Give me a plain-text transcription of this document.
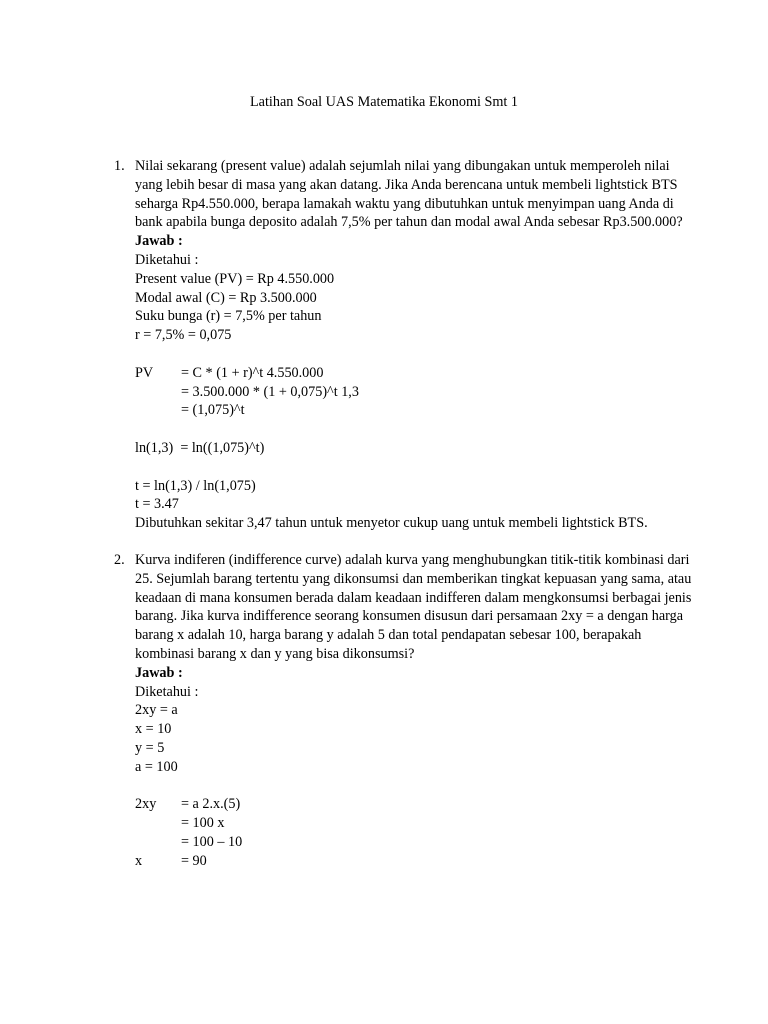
Latihan Soal UAS Matematika Ekonomi Smt 1
1. Nilai sekarang (present value) adalah sejumlah nilai yang dibungakan untuk memperoleh nilai
yang lebih besar di masa yang akan datang. Jika Anda berencana untuk membeli lightstick BTS
seharga Rp4.550.000, berapa lamakah waktu yang dibutuhkan untuk menyimpan uang Anda di
bank apabila bunga deposito adalah 7,5% per tahun dan modal awal Anda sebesar Rp3.500.000?
Jawab :
Diketahui :
Present value (PV) = Rp 4.550.000
Modal awal (C) = Rp 3.500.000
Suku bunga (r) = 7,5% per tahun
r = 7,5% = 0,075

PV

= C * (1 + r)^t 4.550.000

= 3.500.000 * (1 + 0,075)^t 1,3

= (1,075)^t

ln(1,3)  = ln((1,075)^t)
t = ln(1,3) / ln(1,075)
t = 3.47
Dibutuhkan sekitar 3,47 tahun untuk menyetor cukup uang untuk membeli lightstick BTS.
2. Kurva indiferen (indifference curve) adalah kurva yang menghubungkan titik-titik kombinasi dari
25. Sejumlah barang tertentu yang dikonsumsi dan memberikan tingkat kepuasan yang sama, atau
keadaan di mana konsumen berada dalam keadaan indifferen dalam mengkonsumsi berbagai jenis
barang. Jika kurva indifference seorang konsumen disusun dari persamaan 2xy = a dengan harga
barang x adalah 10, harga barang y adalah 5 dan total pendapatan sebesar 100, berapakah
kombinasi barang x dan y yang bisa dikonsumsi?
Jawab :
Diketahui :
2xy = a
x = 10
y = 5
a = 100

2xy

= a 2.x.(5)

= 100 x

= 100 – 10

x

	= 90
